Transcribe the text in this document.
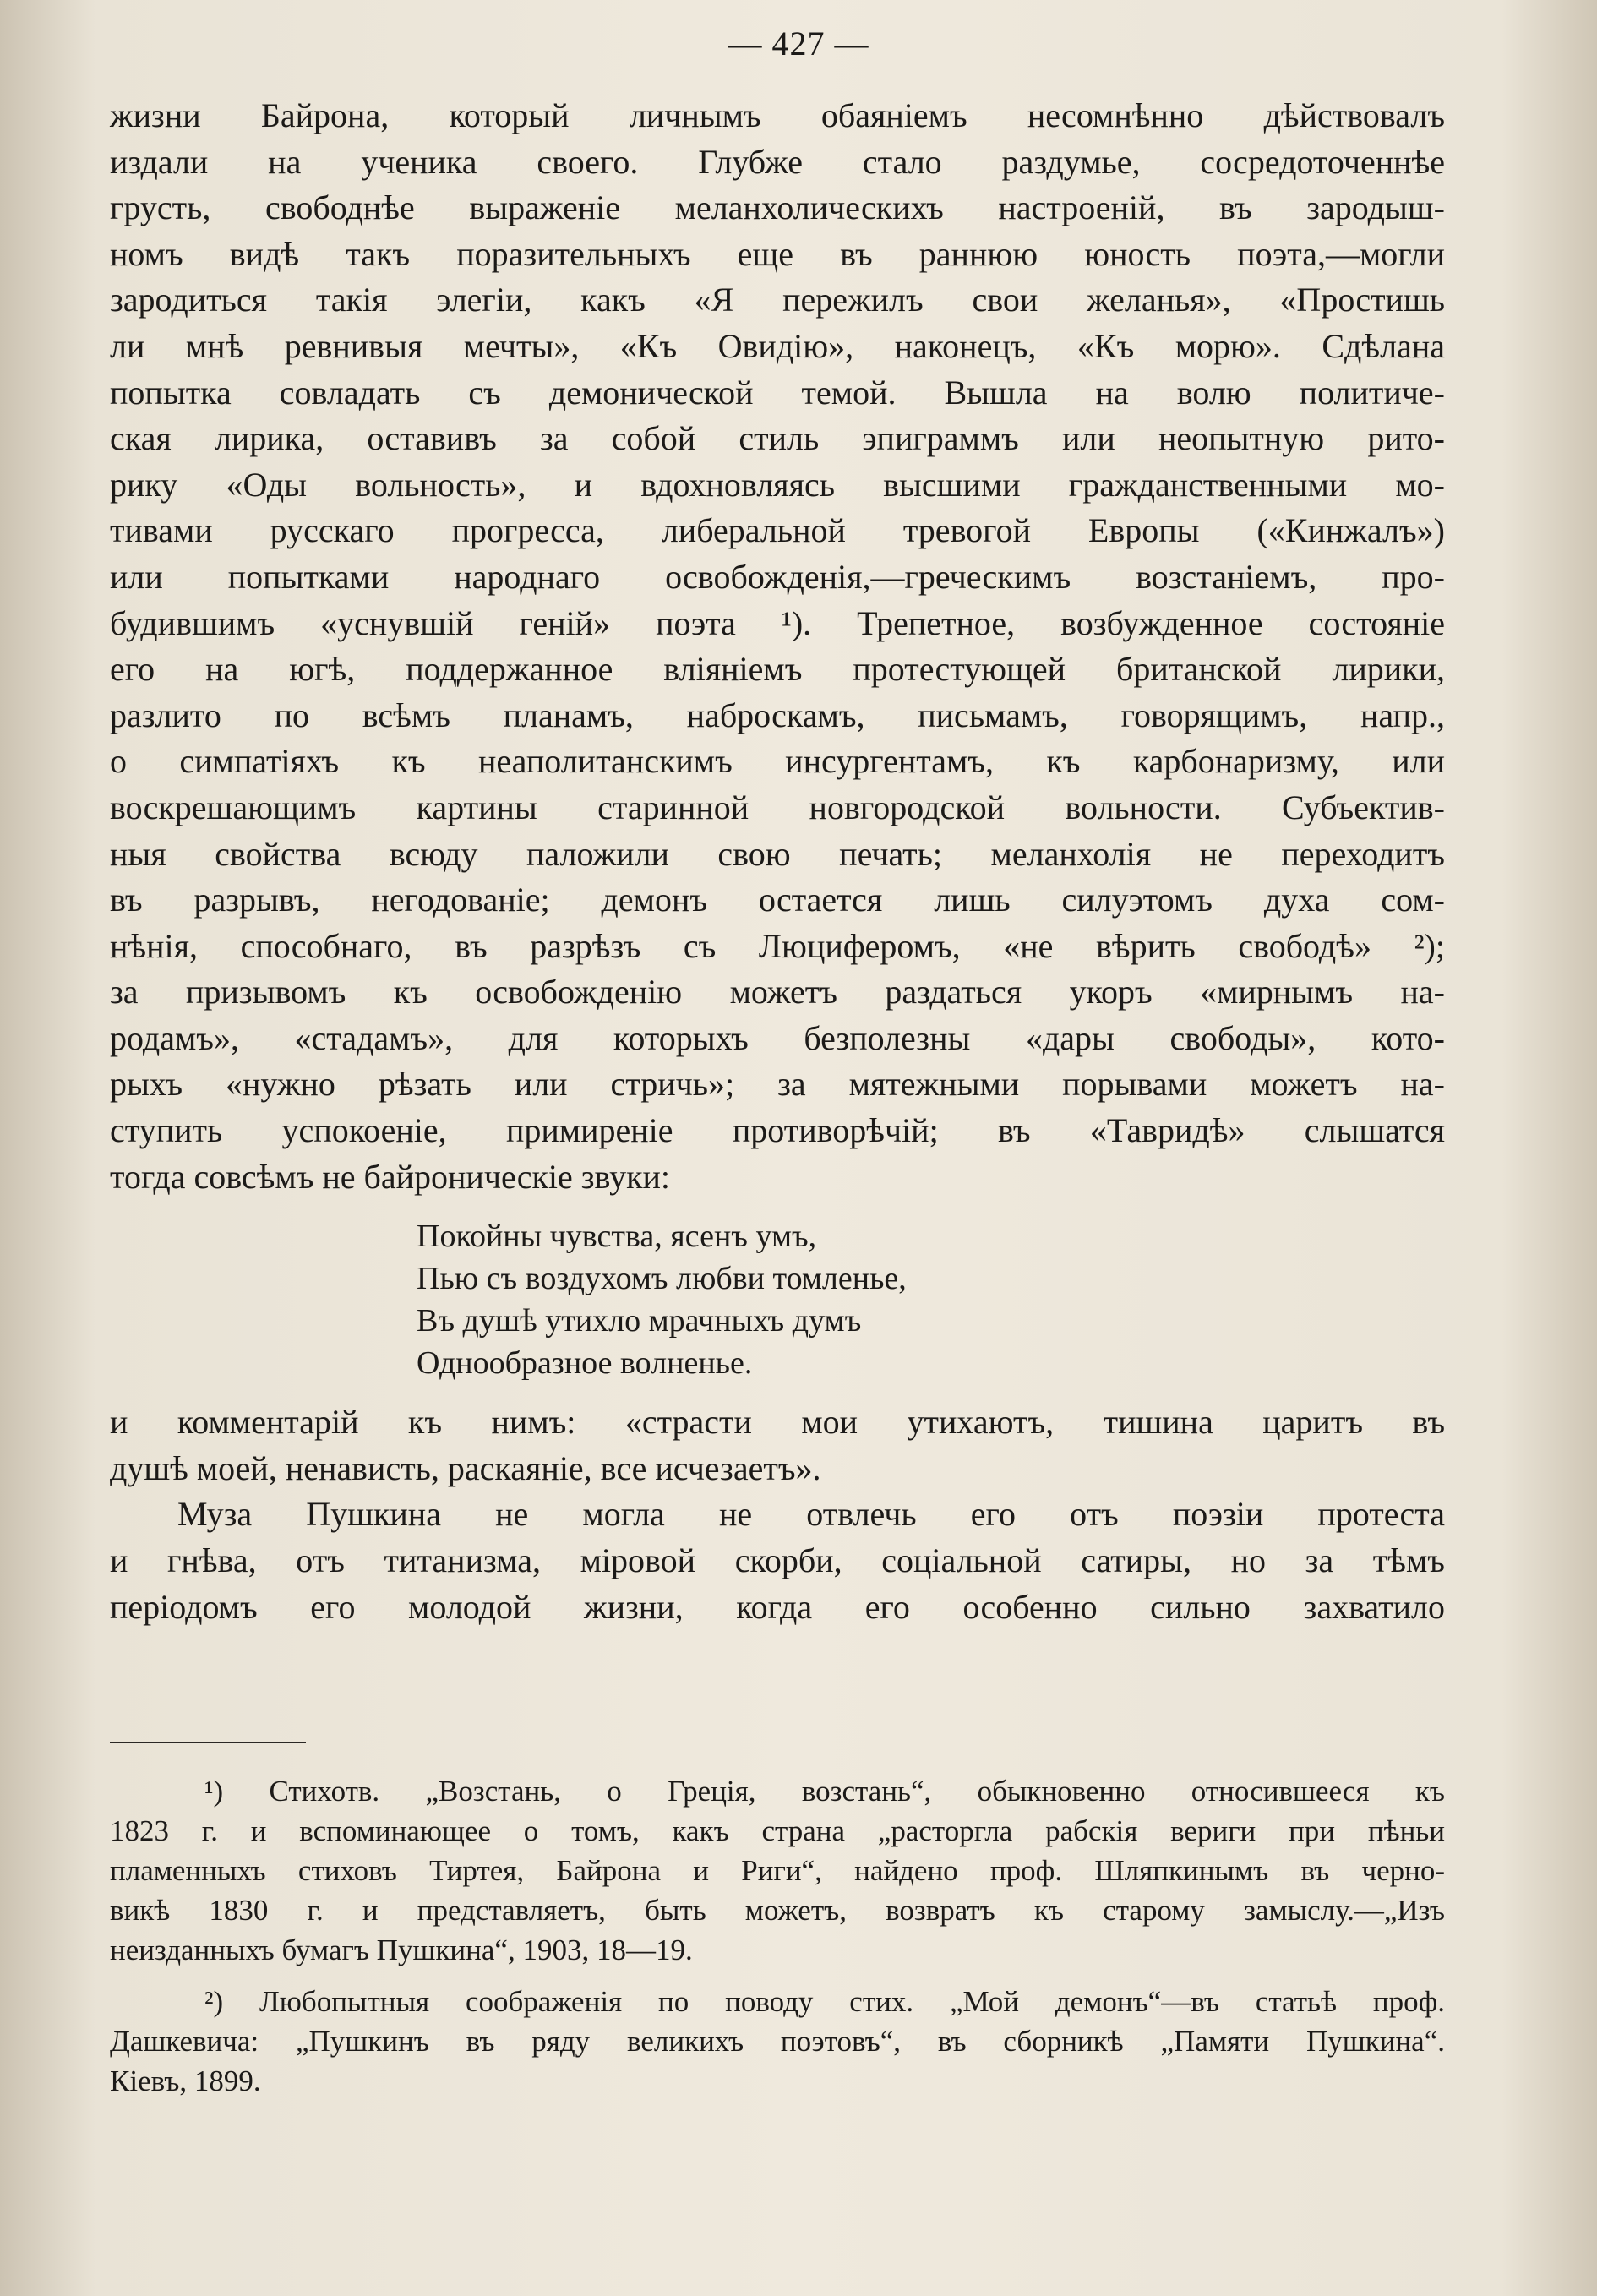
— 427 —
жизни Байрона, который личнымъ обаяніемъ несомнѣнно дѣйствовалъ
издали на ученика своего. Глубже стало раздумье, сосредоточеннѣе
грусть, свободнѣе выраженіе меланхолическихъ настроеній, въ зародыш-
номъ видѣ такъ поразительныхъ еще въ раннюю юность поэта,—могли
зародиться такія элегіи, какъ «Я пережилъ свои желанья», «Простишь
ли мнѣ ревнивыя мечты», «Къ Овидію», наконецъ, «Къ морю». Сдѣлана
попытка совладать съ демонической темой. Вышла на волю политиче-
ская лирика, оставивъ за собой стиль эпиграммъ или неопытную рито-
рику «Оды вольность», и вдохновляясь высшими гражданственными мо-
тивами русскаго прогресса, либеральной тревогой Европы («Кинжалъ»)
или попытками народнаго освобожденія,—греческимъ возстаніемъ, про-
будившимъ «уснувшій геній» поэта ¹). Трепетное, возбужденное состояніе
его на югѣ, поддержанное вліяніемъ протестующей британской лирики,
разлито по всѣмъ планамъ, наброскамъ, письмамъ, говорящимъ, напр.,
о симпатіяхъ къ неаполитанскимъ инсургентамъ, къ карбонаризму, или
воскрешающимъ картины старинной новгородской вольности. Субъектив-
ныя свойства всюду паложили свою печать; меланхолія не переходитъ
въ разрывъ, негодованіе; демонъ остается лишь силуэтомъ духа сом-
нѣнія, способнаго, въ разрѣзъ съ Люциферомъ, «не вѣрить свободѣ» ²);
за призывомъ къ освобожденію можетъ раздаться укоръ «мирнымъ на-
родамъ», «стадамъ», для которыхъ безполезны «дары свободы», кото-
рыхъ «нужно рѣзать или стричь»; за мятежными порывами можетъ на-
ступить успокоеніе, примиреніе противорѣчій; въ «Тавридѣ» слышатся
тогда совсѣмъ не байроническіе звуки:
Покойны чувства, ясенъ умъ,
Пью съ воздухомъ любви томленье,
Въ душѣ утихло мрачныхъ думъ
Однообразное волненье.
и комментарій къ нимъ: «страсти мои утихаютъ, тишина царитъ въ
душѣ моей, ненависть, раскаяніе, все исчезаетъ».
Муза Пушкина не могла не отвлечь его отъ поэзіи протеста
и гнѣва, отъ титанизма, міровой скорби, соціальной сатиры, но за тѣмъ
періодомъ его молодой жизни, когда его особенно сильно захватило
¹) Стихотв. „Возстань, о Греція, возстань“, обыкновенно относившееся къ
1823 г. и вспоминающее о томъ, какъ страна „расторгла рабскія вериги при пѣньи
пламенныхъ стиховъ Тиртея, Байрона и Риги“, найдено проф. Шляпкинымъ въ черно-
викѣ 1830 г. и представляетъ, быть можетъ, возвратъ къ старому замыслу.—„Изъ
неизданныхъ бумагъ Пушкина“, 1903, 18—19.
²) Любопытныя соображенія по поводу стих. „Мой демонъ“—въ статьѣ проф.
Дашкевича: „Пушкинъ въ ряду великихъ поэтовъ“, въ сборникѣ „Памяти Пушкина“.
Кіевъ, 1899.
